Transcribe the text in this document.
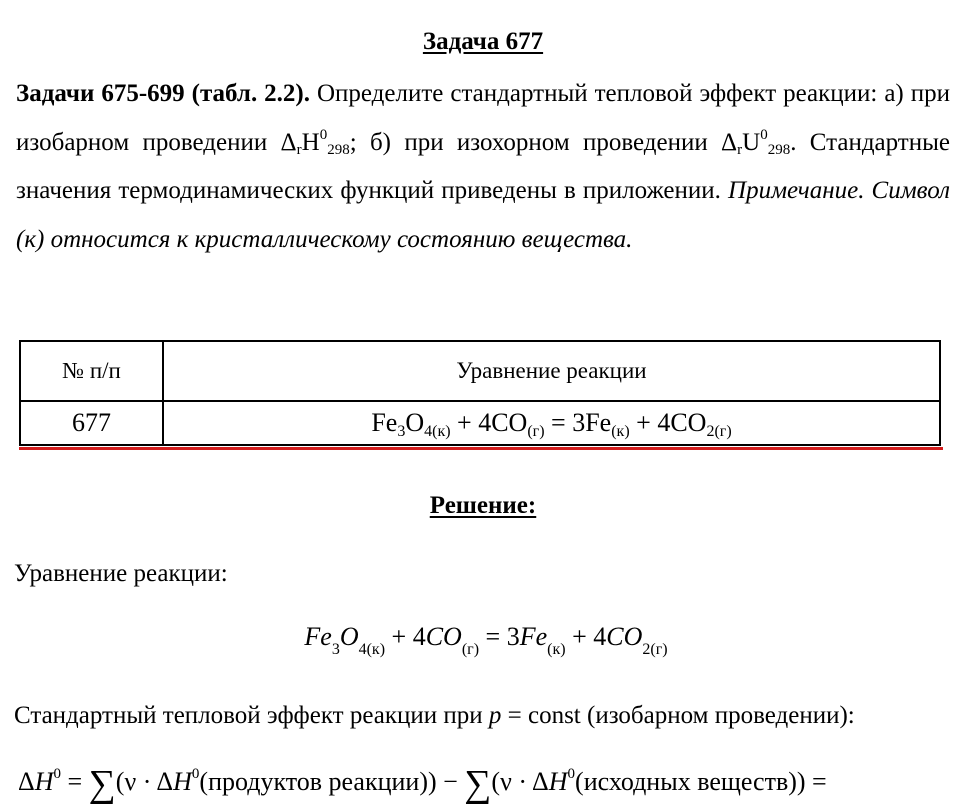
Задача 677
Задачи 675-699 (табл. 2.2). Определите стандартный тепловой эффект реакции: а) при изобарном проведении $\Delta_rH^0_{298}$; б) при изохорном проведении $\Delta_rU^0_{298}$. Стандартные значения термодинамических функций приведены в приложении. Примечание. Символ (к) относится к кристаллическому состоянию вещества.
№ п/п	Уравнение реакции
677	$Fe_3O_{4(к)} + 4CO_{(г)} = 3Fe_{(к)} + 4CO_{2(г)}$
Решение:
Уравнение реакции:
$Fe_3O_{4(к)} + 4CO_{(г)} = 3Fe_{(к)} + 4CO_{2(г)}$
Стандартный тепловой эффект реакции при p = const (изобарном проведении):
$\Delta H^0 = \sum(\nu$ · $\Delta H^0(продуктов$ реакции)) − $\sum(\nu \cdot \Delta H^0(исходных$ веществ)) =
